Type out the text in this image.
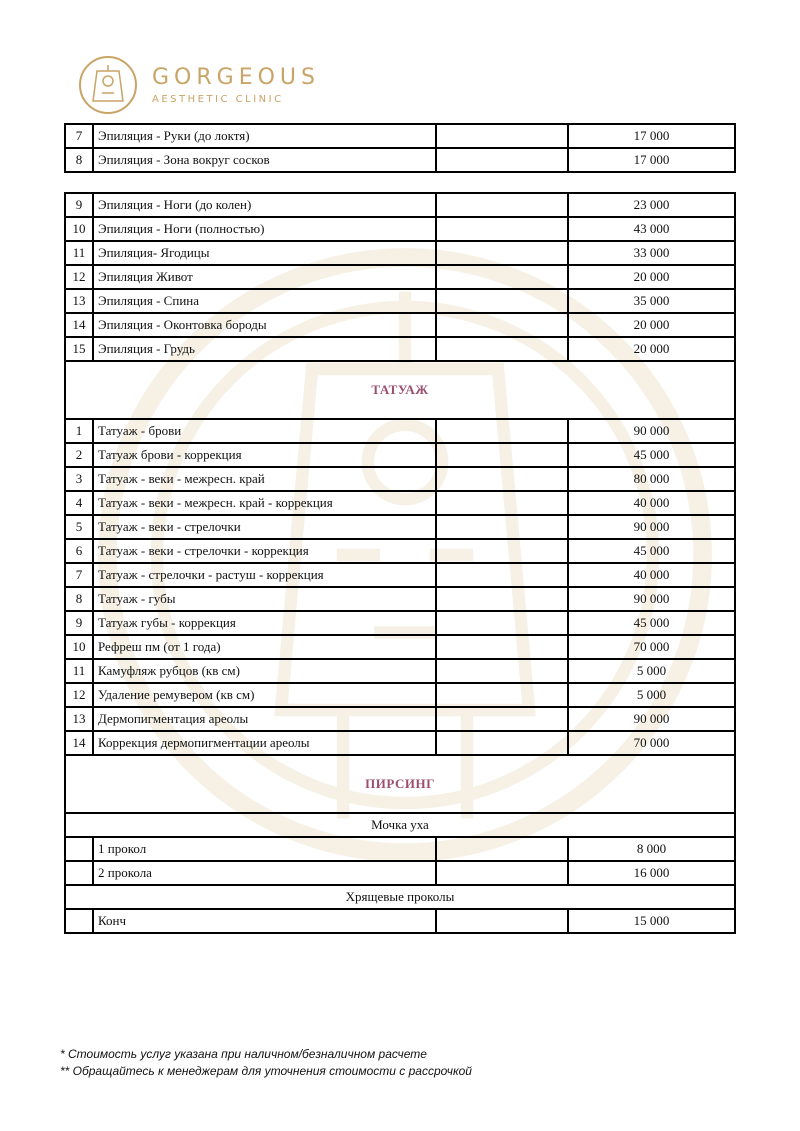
GORGEOUS
AESTHETIC CLINIC
7	Эпиляция - Руки (до локтя)		17 000
8	Эпиляция - Зона вокруг сосков		17 000
9	Эпиляция - Ноги (до колен)		23 000
10	Эпиляция - Ноги (полностью)		43 000
11	Эпиляция- Ягодицы		33 000
12	Эпиляция Живот		20 000
13	Эпиляция - Спина		35 000
14	Эпиляция - Оконтовка бороды		20 000
15	Эпиляция - Грудь		20 000
ТАТУАЖ			
1	Татуаж - брови		90 000
2	Татуаж брови - коррекция		45 000
3	Татуаж - веки - межресн. край		80 000
4	Татуаж - веки - межресн. край - коррекция		40 000
5	Татуаж - веки - стрелочки		90 000
6	Татуаж - веки - стрелочки - коррекция		45 000
7	Татуаж - стрелочки - растуш - коррекция		40 000
8	Татуаж - губы		90 000
9	Татуаж губы - коррекция		45 000
10	Рефреш пм (от 1 года)		70 000
11	Камуфляж рубцов (кв см)		5 000
12	Удаление ремувером (кв см)		5 000
13	Дермопигментация ареолы		90 000
14	Коррекция дермопигментации ареолы		70 000
ПИРСИНГ			
Мочка уха			
	1 прокол		8 000
	2 прокола		16 000
Хрящевые проколы			
	Конч		15 000
* Стоимость услуг указана при наличном/безналичном расчете
** Обращайтесь к менеджерам для уточнения стоимости с рассрочкой
